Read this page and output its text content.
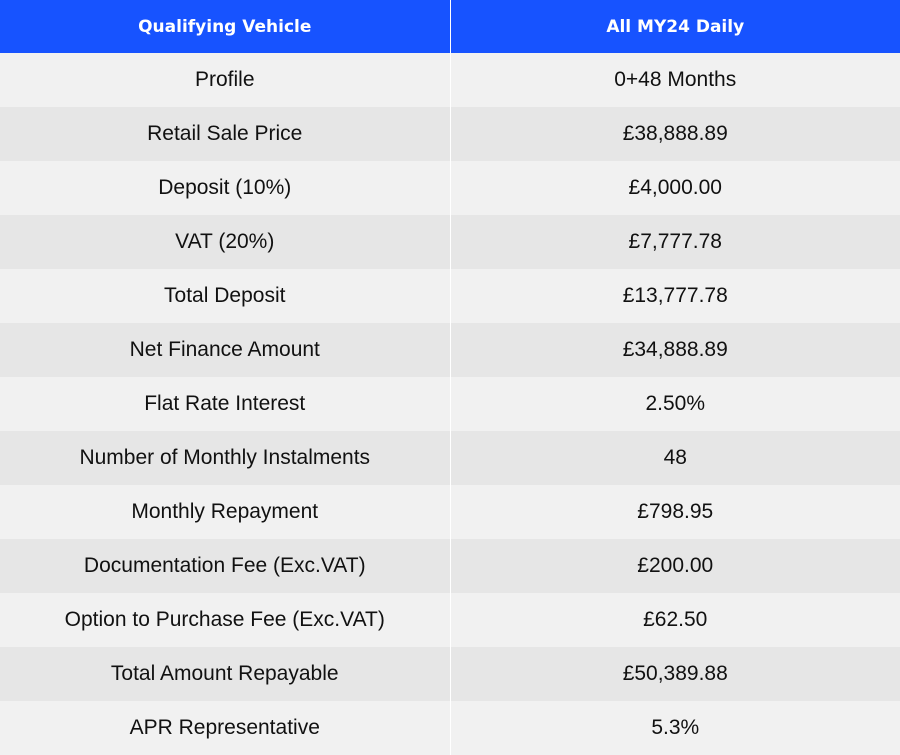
Qualifying Vehicle	All MY24 Daily
Profile	0+48 Months
Retail Sale Price	£38,888.89
Deposit (10%)	£4,000.00
VAT (20%)	£7,777.78
Total Deposit	£13,777.78
Net Finance Amount	£34,888.89
Flat Rate Interest	2.50%
Number of Monthly Instalments	48
Monthly Repayment	£798.95
Documentation Fee (Exc.VAT)	£200.00
Option to Purchase Fee (Exc.VAT)	£62.50
Total Amount Repayable	£50,389.88
APR Representative	5.3%
